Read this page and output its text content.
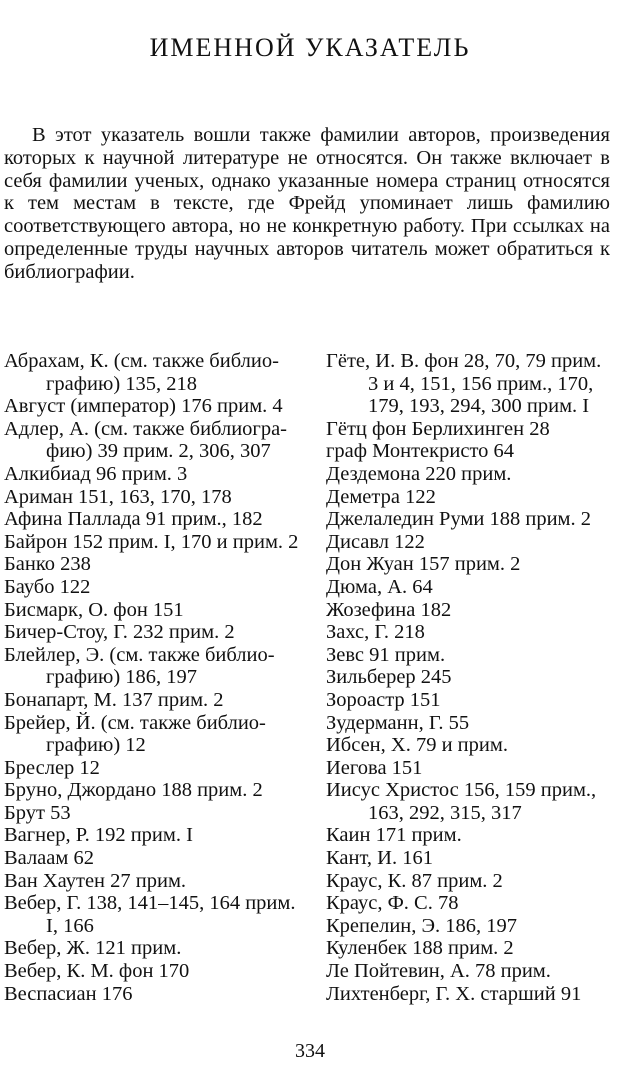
ИМЕННОЙ УКАЗАТЕЛЬ
В этот указатель вошли также фамилии авторов, произведения которых к научной литературе не относятся. Он также включает в себя фамилии ученых, однако указанные номера страниц относятся к тем местам в тексте, где Фрейд упоминает лишь фамилию соответствующего автора, но не конкретную работу. При ссылках на определенные труды научных авторов читатель может обратиться к библиографии.
Абрахам, К. (см. также библио-
графию) 135, 218
Август (император) 176 прим. 4
Адлер, А. (см. также библиогра-
фию) 39 прим. 2, 306, 307
Алкибиад 96 прим. 3
Ариман 151, 163, 170, 178
Афина Паллада 91 прим., 182
Байрон 152 прим. I, 170 и прим. 2
Банко 238
Баубо 122
Бисмарк, О. фон 151
Бичер-Стоу, Г. 232 прим. 2
Блейлер, Э. (см. также библио-
графию) 186, 197
Бонапарт, М. 137 прим. 2
Брейер, Й. (см. также библио-
графию) 12
Бреслер 12
Бруно, Джордано 188 прим. 2
Брут 53
Вагнер, Р. 192 прим. I
Валаам 62
Ван Хаутен 27 прим.
Вебер, Г. 138, 141–145, 164 прим.
I, 166
Вебер, Ж. 121 прим.
Вебер, К. М. фон 170
Веспасиан 176
Гёте, И. В. фон 28, 70, 79 прим.
3 и 4, 151, 156 прим., 170,
179, 193, 294, 300 прим. I
Гётц фон Берлихинген 28
граф Монтекристо 64
Дездемона 220 прим.
Деметра 122
Джелаледин Руми 188 прим. 2
Дисавл 122
Дон Жуан 157 прим. 2
Дюма, А. 64
Жозефина 182
Захс, Г. 218
Зевс 91 прим.
Зильберер 245
Зороастр 151
Зудерманн, Г. 55
Ибсен, Х. 79 и прим.
Иегова 151
Иисус Христос 156, 159 прим.,
163, 292, 315, 317
Каин 171 прим.
Кант, И. 161
Краус, К. 87 прим. 2
Краус, Ф. С. 78
Крепелин, Э. 186, 197
Куленбек 188 прим. 2
Ле Пойтевин, А. 78 прим.
Лихтенберг, Г. Х. старший 91
334
